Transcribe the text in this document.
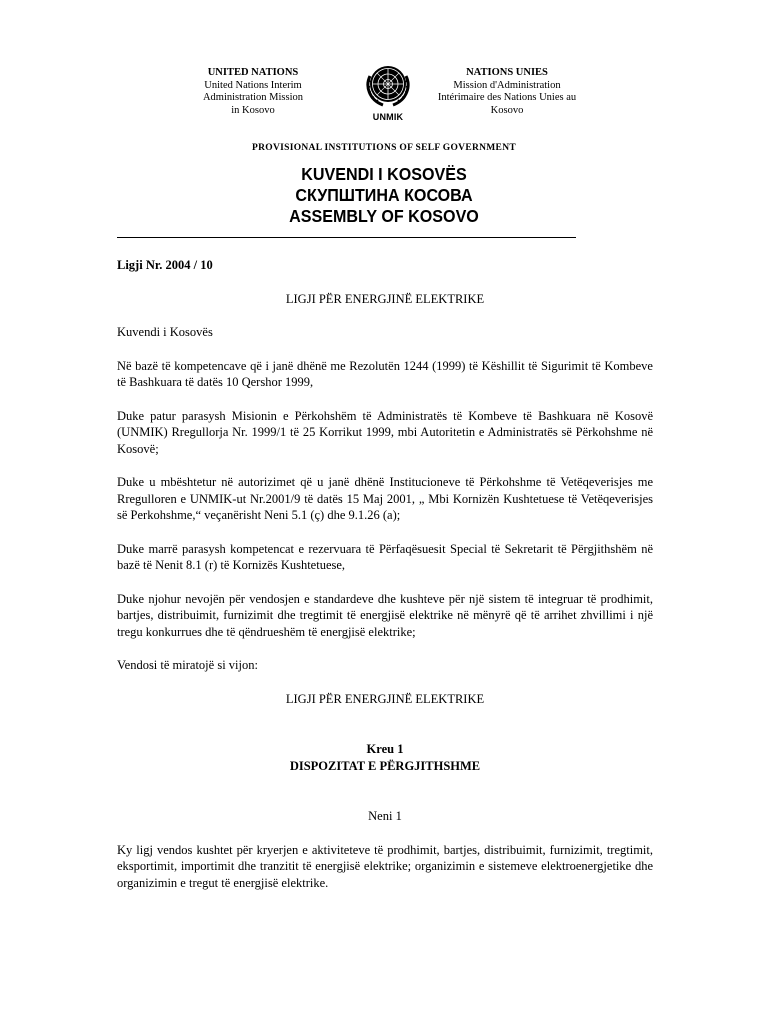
UNITED NATIONS
United Nations Interim
Administration Mission
in Kosovo
UNMIK
NATIONS UNIES
Mission d'Administration
Intérimaire des Nations Unies au
Kosovo
PROVISIONAL INSTITUTIONS OF SELF GOVERNMENT
KUVENDI I KOSOVËS
СКУПШТИНА КОСОВА
ASSEMBLY OF KOSOVO

Ligji Nr. 2004 / 10

LIGJI PËR ENERGJINË ELEKTRIKE

Kuvendi i Kosovës

Në bazë të kompetencave që i janë dhënë me Rezolutën 1244 (1999) të Këshillit të Sigurimit të Kombeve të Bashkuara të datës 10 Qershor 1999,

Duke patur parasysh Misionin e Përkohshëm të Administratës të Kombeve të Bashkuara në Kosovë (UNMIK) Rregullorja Nr. 1999/1 të 25 Korrikut 1999, mbi Autoritetin e Administratës së Përkohshme në Kosovë;

Duke u mbështetur në autorizimet që u janë dhënë Institucioneve të Përkohshme të Vetëqeverisjes me Rregulloren e UNMIK-ut Nr.2001/9 të datës 15 Maj 2001, „ Mbi Kornizën Kushtetuese të Vetëqeverisjes së Perkohshme,“ veçanërisht Neni 5.1 (ç) dhe 9.1.26 (a);

Duke marrë parasysh kompetencat e rezervuara të Përfaqësuesit Special të Sekretarit të Përgjithshëm në bazë të Nenit 8.1 (r) të Kornizës Kushtetuese,

Duke njohur nevojën për vendosjen e standardeve dhe kushteve për një sistem të integruar të prodhimit, bartjes, distribuimit, furnizimit dhe tregtimit të energjisë elektrike në mënyrë që të arrihet zhvillimi i një tregu konkurrues dhe të qëndrueshëm të energjisë elektrike;

Vendosi të miratojë si vijon:

LIGJI PËR ENERGJINË ELEKTRIKE

Kreu 1

DISPOZITAT E PËRGJITHSHME

Neni 1

Ky ligj vendos kushtet për kryerjen e aktiviteteve të prodhimit, bartjes, distribuimit, furnizimit, tregtimit, eksportimit, importimit dhe tranzitit të energjisë elektrike; organizimin e sistemeve elektroenergjetike dhe organizimin e tregut të energjisë elektrike.
